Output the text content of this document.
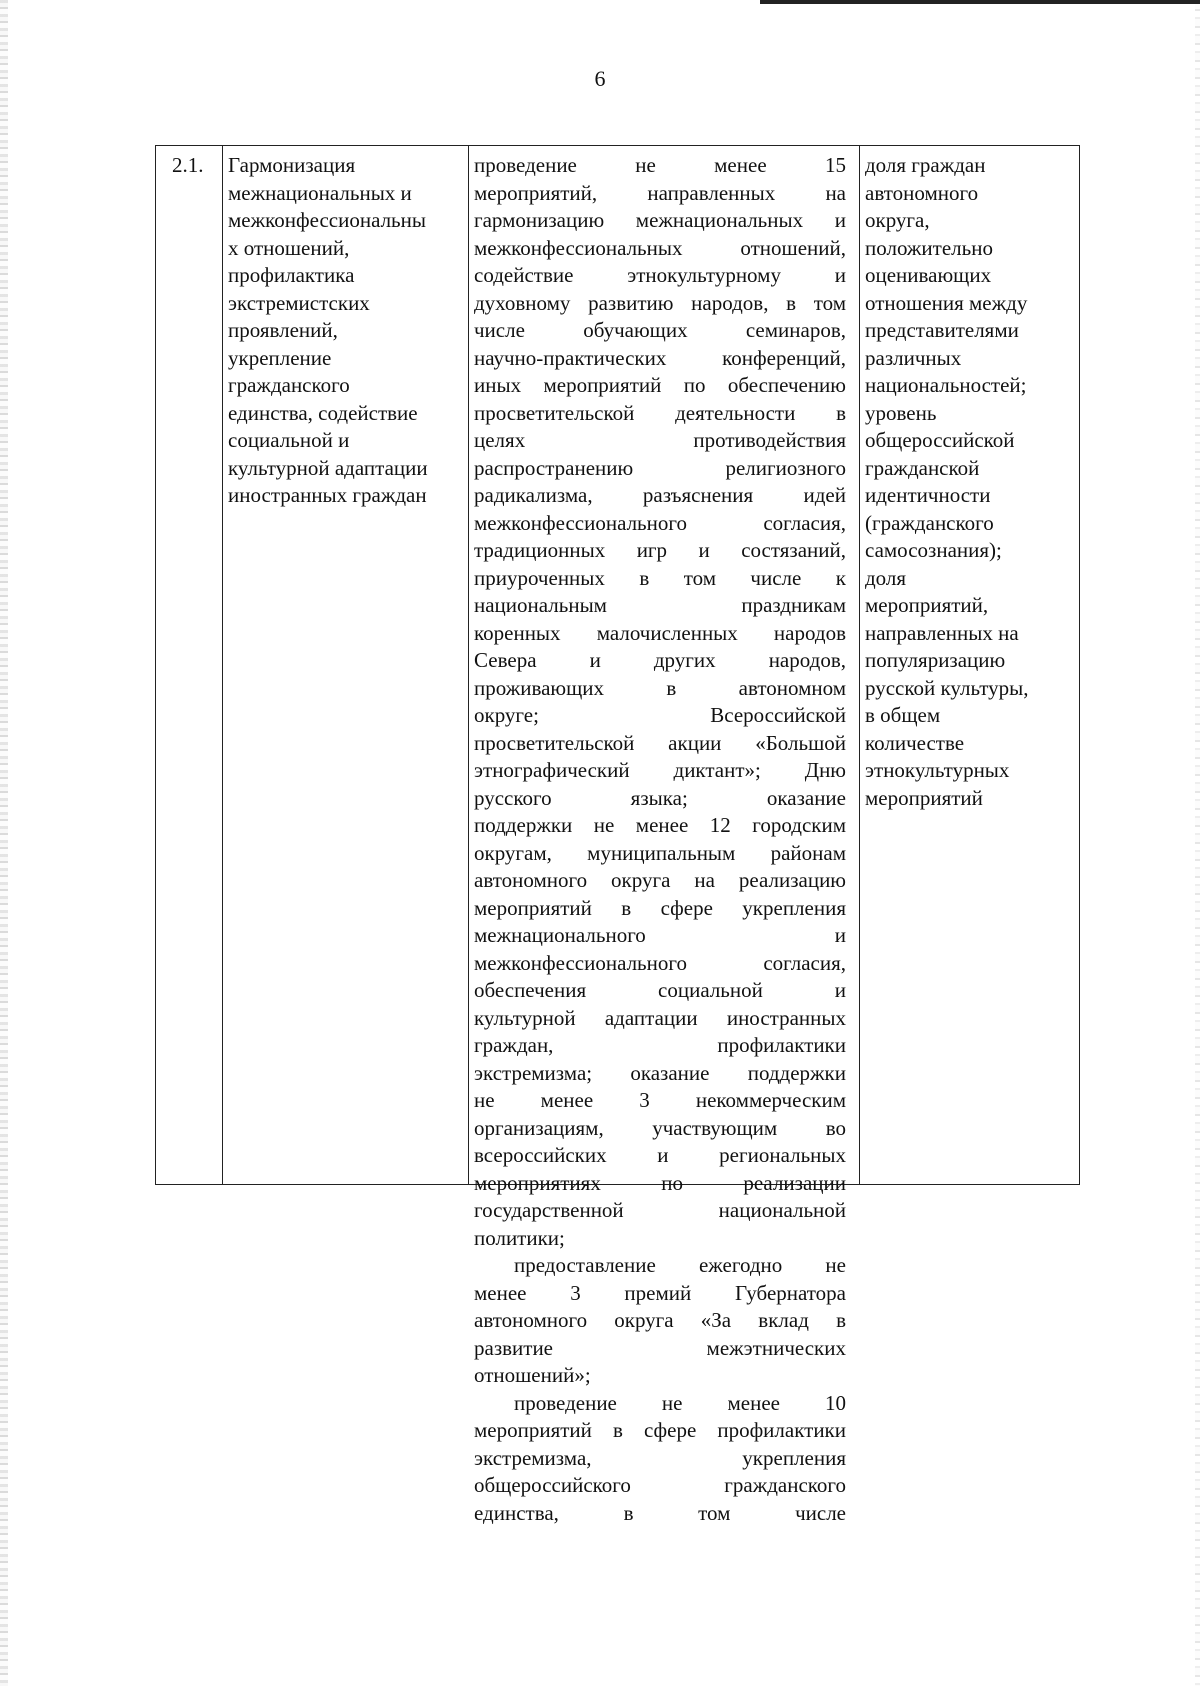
6
2.1.	Гармонизация
межнациональных и
межконфессиональны
х отношений,
профилактика
экстремистских
проявлений,
укрепление
гражданского
единства, содействие
социальной и
культурной адаптации
иностранных граждан
проведение не менее 15
мероприятий, направленных на
гармонизацию межнациональных и
межконфессиональных отношений,
содействие этнокультурному и
духовному развитию народов, в том
числе обучающих семинаров,
научно-практических конференций,
иных мероприятий по обеспечению
просветительской деятельности в
целях противодействия
распространению религиозного
радикализма, разъяснения идей
межконфессионального согласия,
традиционных игр и состязаний,
приуроченных в том числе к
национальным праздникам
коренных малочисленных народов
Севера и других народов,
проживающих в автономном
округе; Всероссийской
просветительской акции «Большой
этнографический диктант»; Дню
русского языка; оказание
поддержки не менее 12 городским
округам, муниципальным районам
автономного округа на реализацию
мероприятий в сфере укрепления
межнационального и
межконфессионального согласия,
обеспечения социальной и
культурной адаптации иностранных
граждан, профилактики
экстремизма; оказание поддержки
не менее 3 некоммерческим
организациям, участвующим во
всероссийских и региональных
мероприятиях по реализации
государственной национальной
политики;
предоставление ежегодно не
менее 3 премий Губернатора
автономного округа «За вклад в
развитие межэтнических
отношений»;
проведение не менее 10
мероприятий в сфере профилактики
экстремизма, укрепления
общероссийского гражданского
единства, в том числе
доля граждан
автономного
округа,
положительно
оценивающих
отношения между
представителями
различных
национальностей;
уровень
общероссийской
гражданской
идентичности
(гражданского
самосознания);
доля
мероприятий,
направленных на
популяризацию
русской культуры,
в общем
количестве
этнокультурных
мероприятий
